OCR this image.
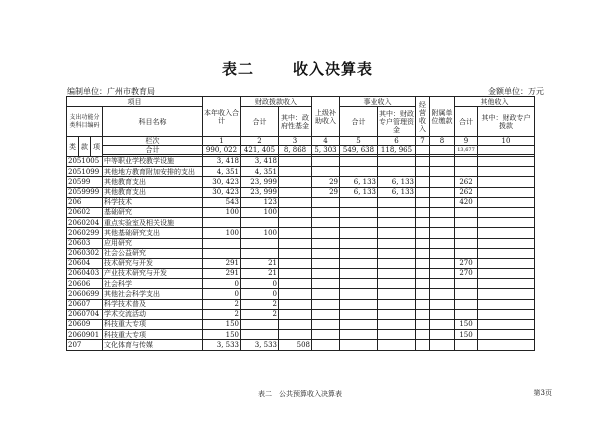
表二	收入决算表
编制单位：广州市教育局	金额单位：万元
项目				本年收入合计	财政拨款收入		上级补助收入	事业收入		经营收入	附属单位缴款	其他收入	
支出功能分类科目编码			科目名称		合计	其中：政府性基金		合计	其中：财政专户管理资金			合计	其中：财政专户拨款

类	款	项	栏次	1	2	3	4	5	6	7	8	9	10
			合计	990, 022	421, 405	8, 868	5, 303	549, 638	118, 965			13,677	

2051005			中等职业学校教学设施	3, 418	3, 418								
2051099			其他地方教育附加安排的支出	4, 351	4, 351								
20599			其他教育支出	30, 423	23, 999		29	6, 133	6, 133			262	
2059999			其他教育支出	30, 423	23, 999		29	6, 133	6, 133			262	
206			科学技术	543	123							420	
20602			基础研究	100	100								
2060204			重点实验室及相关设施										
2060299			其他基础研究支出	100	100								
20603			应用研究										
2060302			社会公益研究										
20604			技术研究与开发	291	21							270	
2060403			产业技术研究与开发	291	21							270	
20606			社会科学	0	0								
2060699			其他社会科学支出	0	0								
20607			科学技术普及	2	2								
2060704			学术交流活动	2	2								
20609			科技重大专项	150								150	
2060901			科技重大专项	150								150	
207			文化体育与传媒	3, 533	3, 533	508							
表二　公共预算收入决算表	第3页
